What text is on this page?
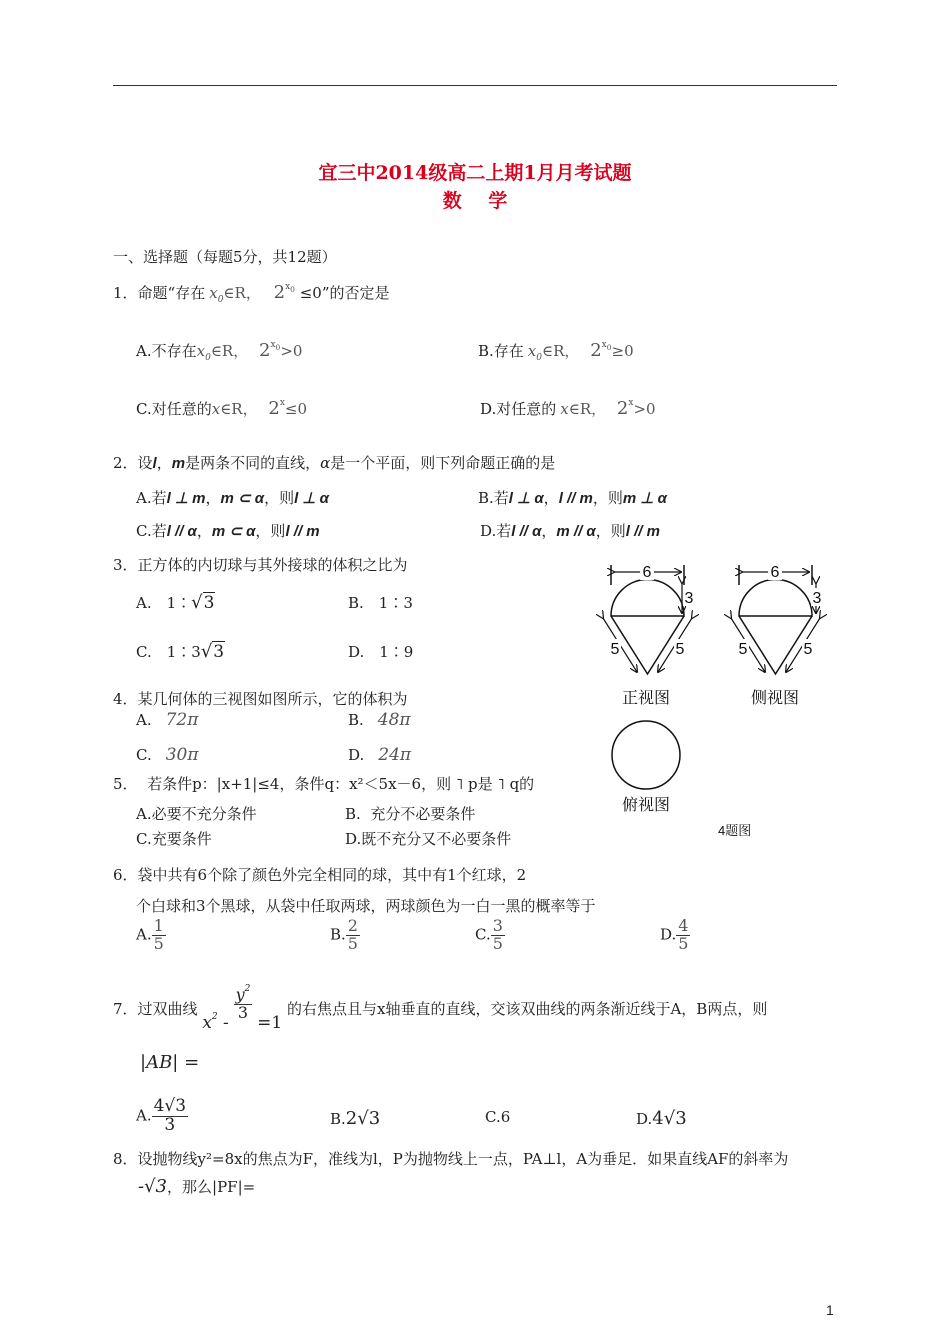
宜三中2014级高二上期1月月考试题
数    学
一、选择题（每题5分，共12题）
1．命题“存在 $x_0\in R$， $2^{x_0} \le 0$”的否定是
A.不存在$x_0\in R$， $2^{x_0}>0$	B.存在 $x_0\in R$， $2^{x_0}\ge 0$
C.对任意的x∈R， $2^x\le 0$	D.对任意的 x∈R， $2^x>0$
2．设l，m是两条不同的直线，α是一个平面，则下列命题正确的是
A.若l ⊥ m，m ⊂ α，则l ⊥ α	B.若l ⊥ α，l // m，则m ⊥ α
C.若l // α，m ⊂ α，则l // m	D.若l // α，m // α，则l // m
3．正方体的内切球与其外接球的体积之比为
A.　1∶√3	B.　1∶3
C.　1∶3√3	D.　1∶9
4．某几何体的三视图如图所示，它的体积为
A. 72π	B. 48π
C. 30π	D. 24π
6
3
5	5
正视图
6
3
5	5
侧视图
俯视图
4题图
5．  若条件p：|x+1|≤4，条件q：x²＜5x－6，则 ˥ p是 ˥ q的
A.必要不充分条件	B.  充分不必要条件
C.充要条件	D.既不充分又不必要条件
6．袋中共有6个除了颜色外完全相同的球，其中有1个红球，2
个白球和3个黑球，从袋中任取两球，两球颜色为一白一黑的概率等于
A. $\frac{1}{5}$	B. $\frac{2}{5}$	C. $\frac{3}{5}$	D. $\frac{4}{5}$
7．过双曲线 $x^2$ -
$\frac{y^2}{3}$
=1 的右焦点且与x轴垂直的直线，交该双曲线的两条渐近线于A，B两点，则
|AB| =
A. $\frac{4√3}{3}$	B.2√3	C.6	D.4√3
8．设抛物线y²=8x的焦点为F，准线为l，P为抛物线上一点，PA⊥l，A为垂足．如果直线AF的斜率为
-√3，那么|PF|=
1
